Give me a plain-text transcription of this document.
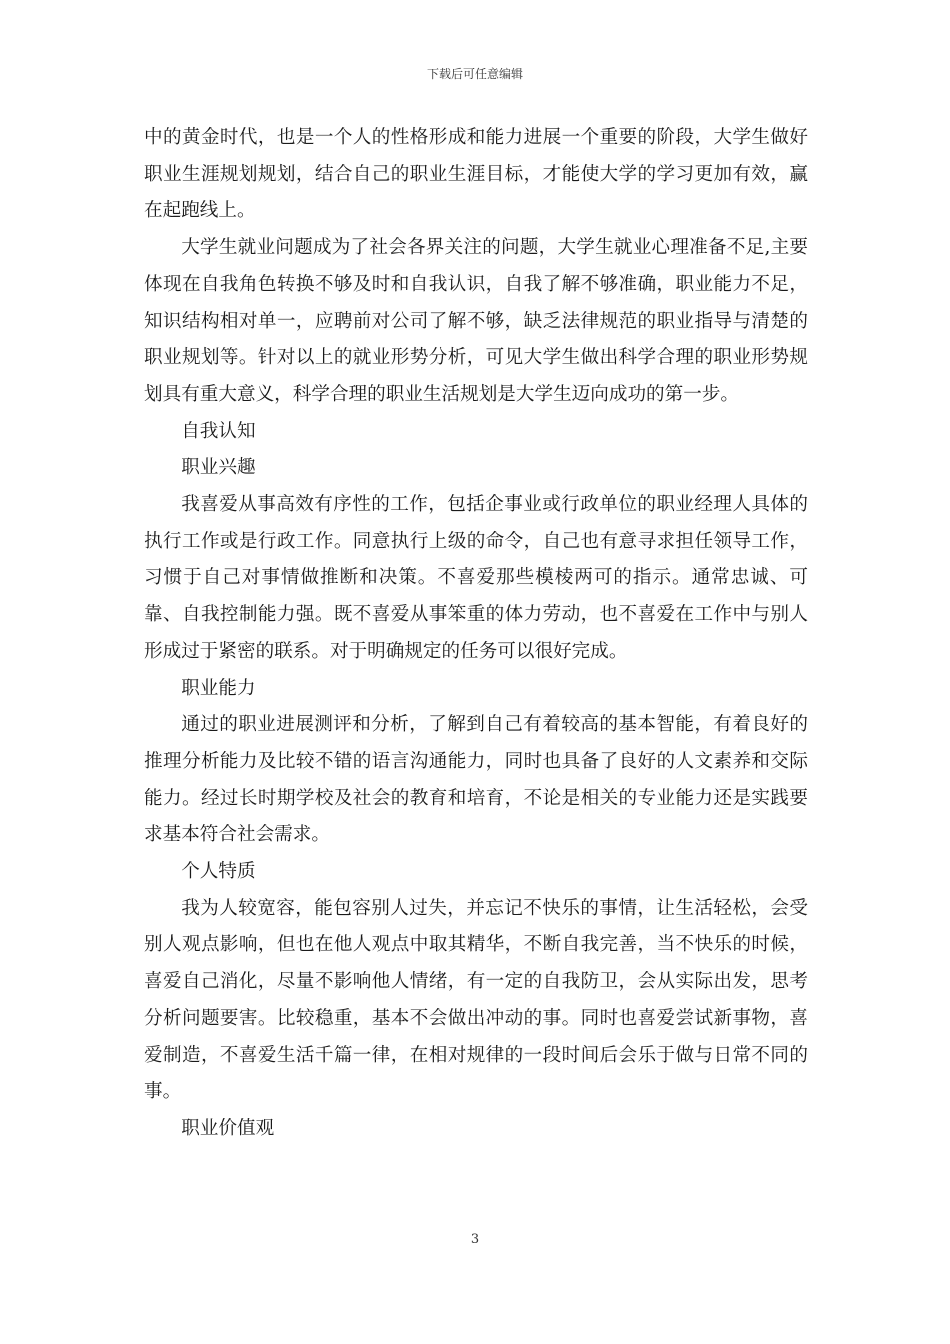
下载后可任意编辑

中的黄金时代，也是一个人的性格形成和能力进展一个重要的阶段，大学生做好职业生涯规划规划，结合自己的职业生涯目标，才能使大学的学习更加有效，赢在起跑线上。

大学生就业问题成为了社会各界关注的问题，大学生就业心理准备不足,主要体现在自我角色转换不够及时和自我认识，自我了解不够准确，职业能力不足，知识结构相对单一，应聘前对公司了解不够，缺乏法律规范的职业指导与清楚的职业规划等。针对以上的就业形势分析，可见大学生做出科学合理的职业形势规划具有重大意义，科学合理的职业生活规划是大学生迈向成功的第一步。

自我认知

职业兴趣

我喜爱从事高效有序性的工作，包括企事业或行政单位的职业经理人具体的执行工作或是行政工作。同意执行上级的命令，自己也有意寻求担任领导工作，习惯于自己对事情做推断和决策。不喜爱那些模棱两可的指示。通常忠诚、可靠、自我控制能力强。既不喜爱从事笨重的体力劳动，也不喜爱在工作中与别人形成过于紧密的联系。对于明确规定的任务可以很好完成。

职业能力

通过的职业进展测评和分析，了解到自己有着较高的基本智能，有着良好的推理分析能力及比较不错的语言沟通能力，同时也具备了良好的人文素养和交际能力。经过长时期学校及社会的教育和培育，不论是相关的专业能力还是实践要求基本符合社会需求。

个人特质

我为人较宽容，能包容别人过失，并忘记不快乐的事情，让生活轻松，会受别人观点影响，但也在他人观点中取其精华，不断自我完善，当不快乐的时候，喜爱自己消化，尽量不影响他人情绪，有一定的自我防卫，会从实际出发，思考分析问题要害。比较稳重，基本不会做出冲动的事。同时也喜爱尝试新事物，喜爱制造，不喜爱生活千篇一律，在相对规律的一段时间后会乐于做与日常不同的事。

职业价值观

3
